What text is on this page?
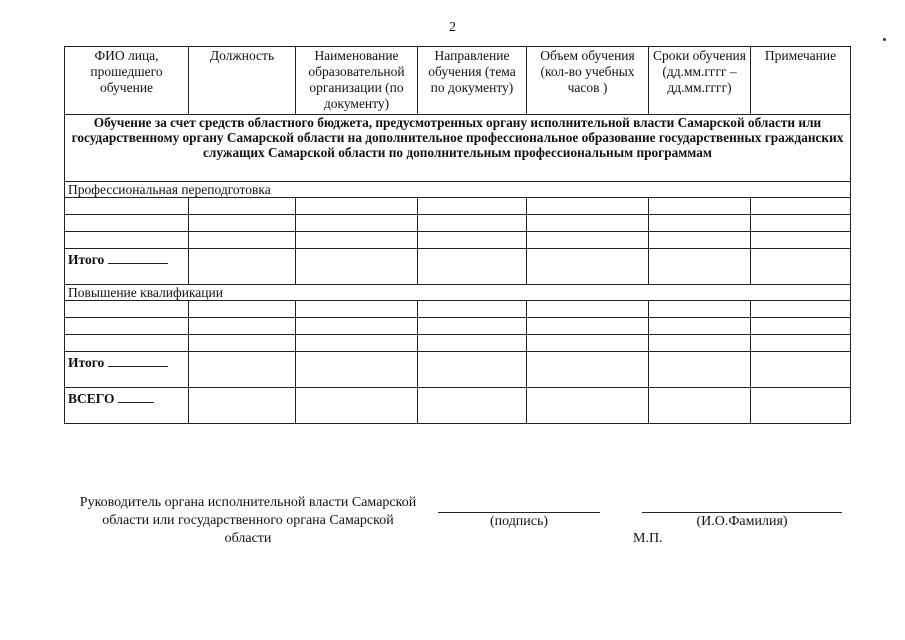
2
ФИО лица, прошедшего обучение	Должность	Наименование образовательной организации (по документу)	Направление обучения (тема по документу)	Объем обучения (кол-во учебных часов )	Сроки обучения (дд.мм.гггг – дд.мм.гггг)	Примечание
Обучение за счет средств областного бюджета, предусмотренных органу исполнительной власти Самарской области или государственному органу Самарской области на дополнительное профессиональное образование государственных гражданских служащих Самарской области по дополнительным профессиональным программам						
Профессиональная переподготовка						

Итого						
Повышение квалификации						

Итого						
ВСЕГО						
Руководитель органа исполнительной власти Самарской области или государственного органа Самарской области
(подпись)	(И.О.Фамилия)
М.П.
